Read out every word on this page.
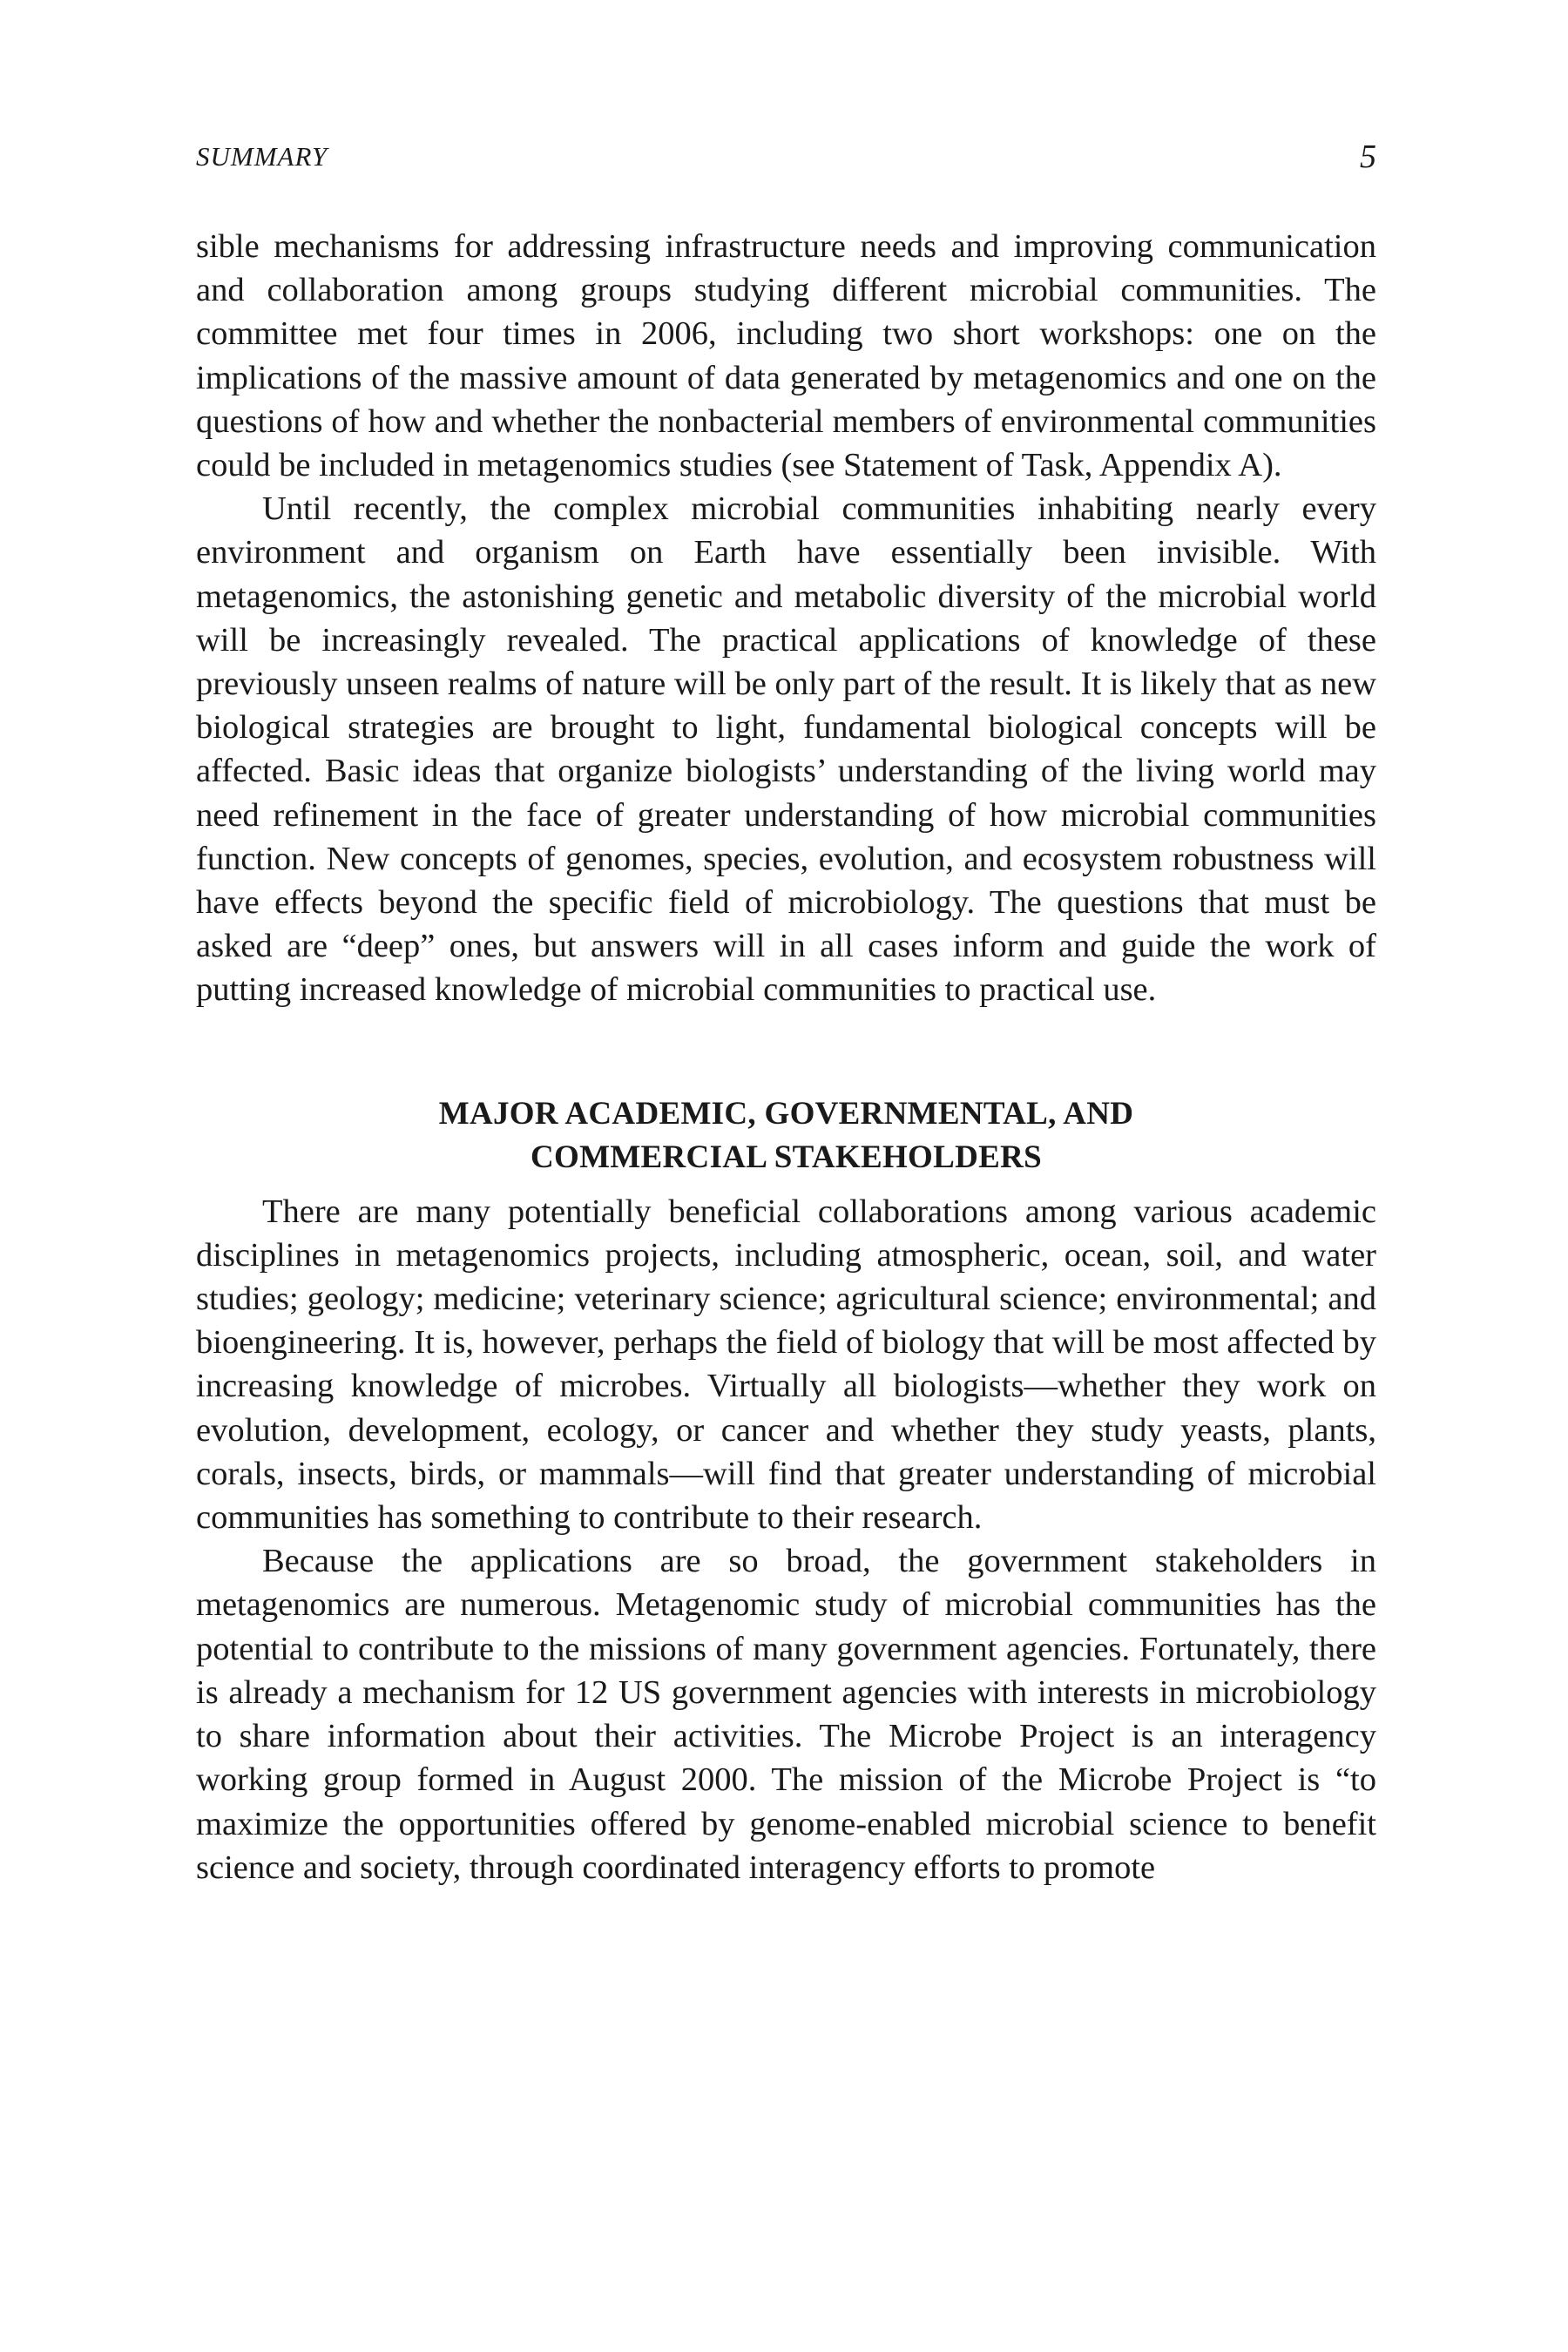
SUMMARY	5

sible mechanisms for addressing infrastructure needs and improving communication and collaboration among groups studying different microbial communities. The committee met four times in 2006, including two short workshops: one on the implications of the massive amount of data generated by metagenomics and one on the questions of how and whether the nonbacterial members of environmental communities could be included in metagenomics studies (see Statement of Task, Appendix A).

Until recently, the complex microbial communities inhabiting nearly every environment and organism on Earth have essentially been invisible. With metagenomics, the astonishing genetic and metabolic diversity of the microbial world will be increasingly revealed. The practical applications of knowledge of these previously unseen realms of nature will be only part of the result. It is likely that as new biological strategies are brought to light, fundamental biological concepts will be affected. Basic ideas that organize biologists’ understanding of the living world may need refinement in the face of greater understanding of how microbial communities function. New concepts of genomes, species, evolution, and ecosystem robustness will have effects beyond the specific field of microbiology. The questions that must be asked are “deep” ones, but answers will in all cases inform and guide the work of putting increased knowledge of microbial communities to practical use.

MAJOR ACADEMIC, GOVERNMENTAL, AND
COMMERCIAL STAKEHOLDERS

There are many potentially beneficial collaborations among various academic disciplines in metagenomics projects, including atmospheric, ocean, soil, and water studies; geology; medicine; veterinary science; agricultural science; environmental; and bioengineering. It is, however, perhaps the field of biology that will be most affected by increasing knowledge of microbes. Virtually all biologists—whether they work on evolution, development, ecology, or cancer and whether they study yeasts, plants, corals, insects, birds, or mammals—will find that greater understanding of microbial communities has something to contribute to their research.

Because the applications are so broad, the government stakeholders in metagenomics are numerous. Metagenomic study of microbial communities has the potential to contribute to the missions of many government agencies. Fortunately, there is already a mechanism for 12 US government agencies with interests in microbiology to share information about their activities. The Microbe Project is an interagency working group formed in August 2000. The mission of the Microbe Project is “to maximize the opportunities offered by genome-enabled microbial science to benefit science and society, through coordinated interagency efforts to promote
